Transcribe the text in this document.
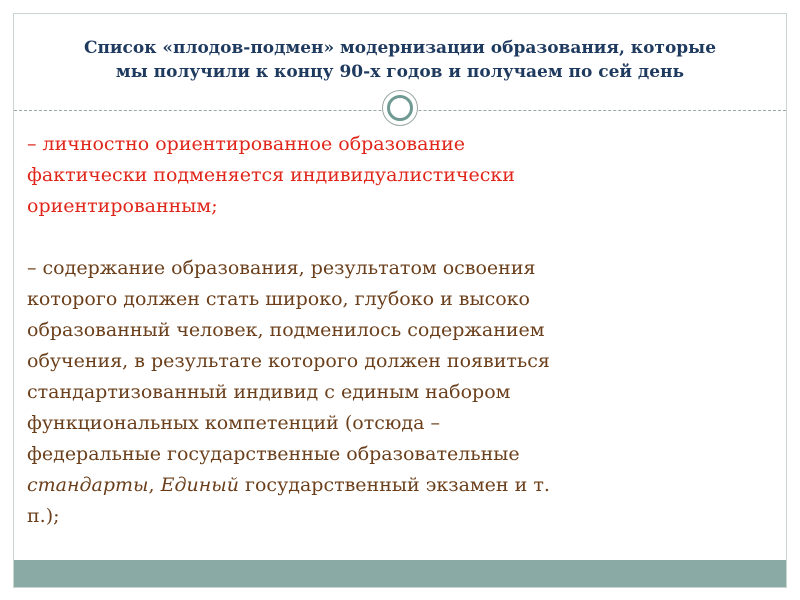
Список «плодов-подмен» модернизации образования, которые
мы получили к концу 90-х годов и получаем по сей день

– личностно ориентированное образование
фактически подменяется индивидуалистически
ориентированным;

– содержание образования, результатом освоения
которого должен стать широко, глубоко и высоко
образованный человек, подменилось содержанием
обучения, в результате которого должен появиться
стандартизованный индивид с единым набором
функциональных компетенций (отсюда –
федеральные государственные образовательные
стандарты, Единый государственный экзамен и т.
п.);
